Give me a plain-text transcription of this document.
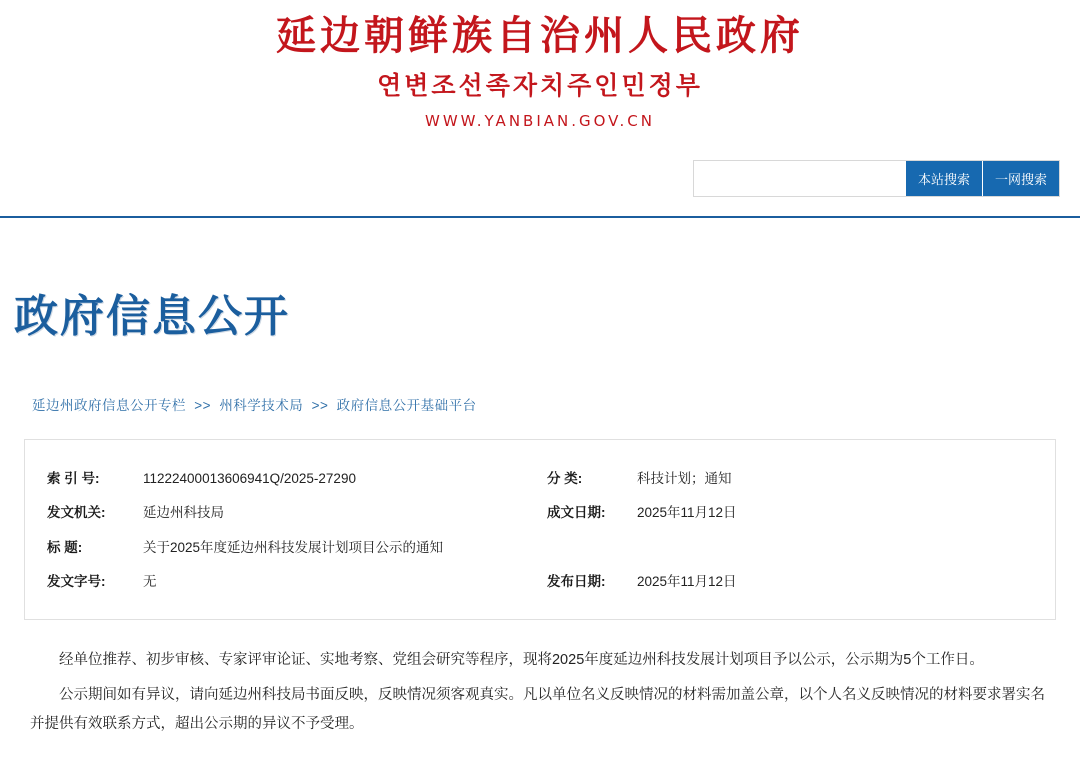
延边朝鲜族自治州人民政府
연변조선족자치주인민정부
WWW.YANBIAN.GOV.CN
本站搜索	一网搜索
政府信息公开
延边州政府信息公开专栏 >> 州科学技术局 >> 政府信息公开基础平台
索 引 号:	11222400013606941Q/2025-27290	分 类:	科技计划；通知
发文机关:	延边州科技局	成文日期:	2025年11月12日
标 题:	关于2025年度延边州科技发展计划项目公示的通知		
发文字号:	无	发布日期:	2025年11月12日

经单位推荐、初步审核、专家评审论证、实地考察、党组会研究等程序，现将2025年度延边州科技发展计划项目予以公示，公示期为5个工作日。

公示期间如有异议，请向延边州科技局书面反映，反映情况须客观真实。凡以单位名义反映情况的材料需加盖公章，以个人名义反映情况的材料要求署实名并提供有效联系方式，超出公示期的异议不予受理。
